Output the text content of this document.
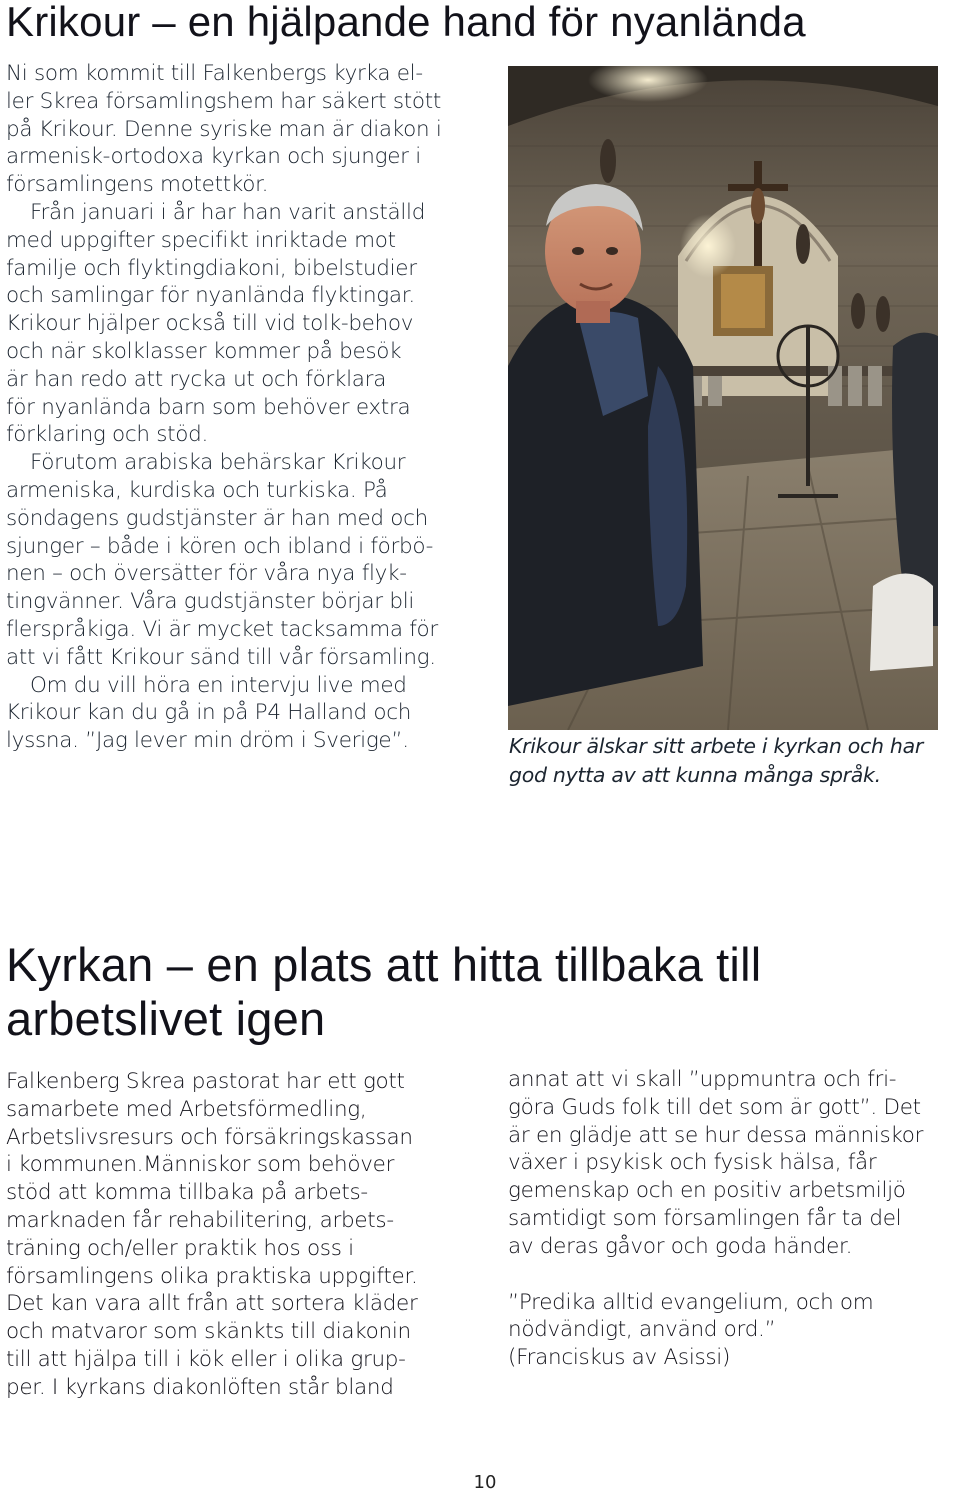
Krikour – en hjälpande hand för nyanlända
Ni som kommit till Falkenbergs kyrka el-
ler Skrea församlingshem har säkert stött
på Krikour. Denne syriske man är diakon i
armenisk-ortodoxa kyrkan och sjunger i
församlingens motettkör.
Från januari i år har han varit anställd
med uppgifter specifikt inriktade mot
familje och flyktingdiakoni, bibelstudier
och samlingar för nyanlända flyktingar.
Krikour hjälper också till vid tolk-behov
och när skolklasser kommer på besök
är han redo att rycka ut och förklara
för nyanlända barn som behöver extra
förklaring och stöd.
Förutom arabiska behärskar Krikour
armeniska, kurdiska och turkiska. På
söndagens gudstjänster är han med och
sjunger – både i kören och ibland i förbö-
nen – och översätter för våra nya flyk-
tingvänner. Våra gudstjänster börjar bli
flerspråkiga. Vi är mycket tacksamma för
att vi fått Krikour sänd till vår församling.
Om du vill höra en intervju live med
Krikour kan du gå in på P4 Halland och
lyssna. ”Jag lever min dröm i Sverige”.	Krikour älskar sitt arbete i kyrkan och har
god nytta av att kunna många språk.
Kyrkan – en plats att hitta tillbaka till
arbetslivet igen
Falkenberg Skrea pastorat har ett gott
samarbete med Arbetsförmedling,
Arbetslivsresurs och försäkringskassan
i kommunen.Människor som behöver
stöd att komma tillbaka på arbets-
marknaden får rehabilitering, arbets-
träning och/eller praktik hos oss i
församlingens olika praktiska uppgifter.
Det kan vara allt från att sortera kläder
och matvaror som skänkts till diakonin
till att hjälpa till i kök eller i olika grup-
per. I kyrkans diakonlöften står bland
annat att vi skall ”uppmuntra och fri-
göra Guds folk till det som är gott”. Det
är en glädje att se hur dessa människor
växer i psykisk och fysisk hälsa, får
gemenskap och en positiv arbetsmiljö
samtidigt som församlingen får ta del
av deras gåvor och goda händer.
”Predika alltid evangelium, och om
nödvändigt, använd ord.”
(Franciskus av Asissi)
10
